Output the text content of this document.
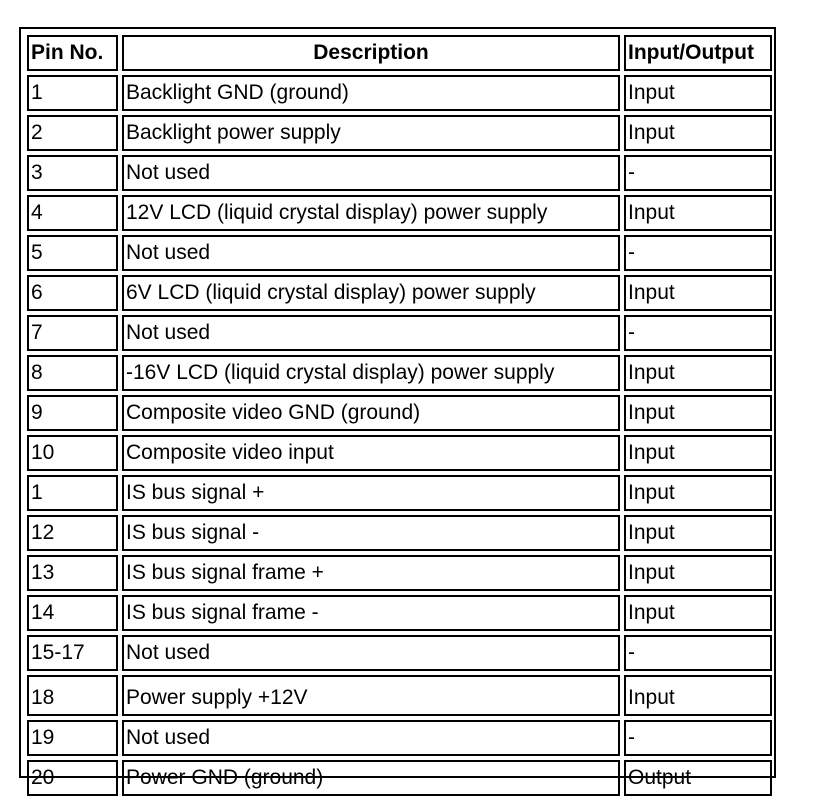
Pin No.	Description	Input/Output
1	Backlight GND (ground)	Input
2	Backlight power supply	Input
3	Not used	-
4	12V LCD (liquid crystal display) power supply	Input
5	Not used	-
6	6V LCD (liquid crystal display) power supply	Input
7	Not used	-
8	-16V LCD (liquid crystal display) power supply	Input
9	Composite video GND (ground)	Input
10	Composite video input	Input
1	IS bus signal +	Input
12	IS bus signal -	Input
13	IS bus signal frame +	Input
14	IS bus signal frame -	Input
15-17	Not used	-
18	Power supply +12V	Input
19	Not used	-
20	Power GND (ground)	Output
